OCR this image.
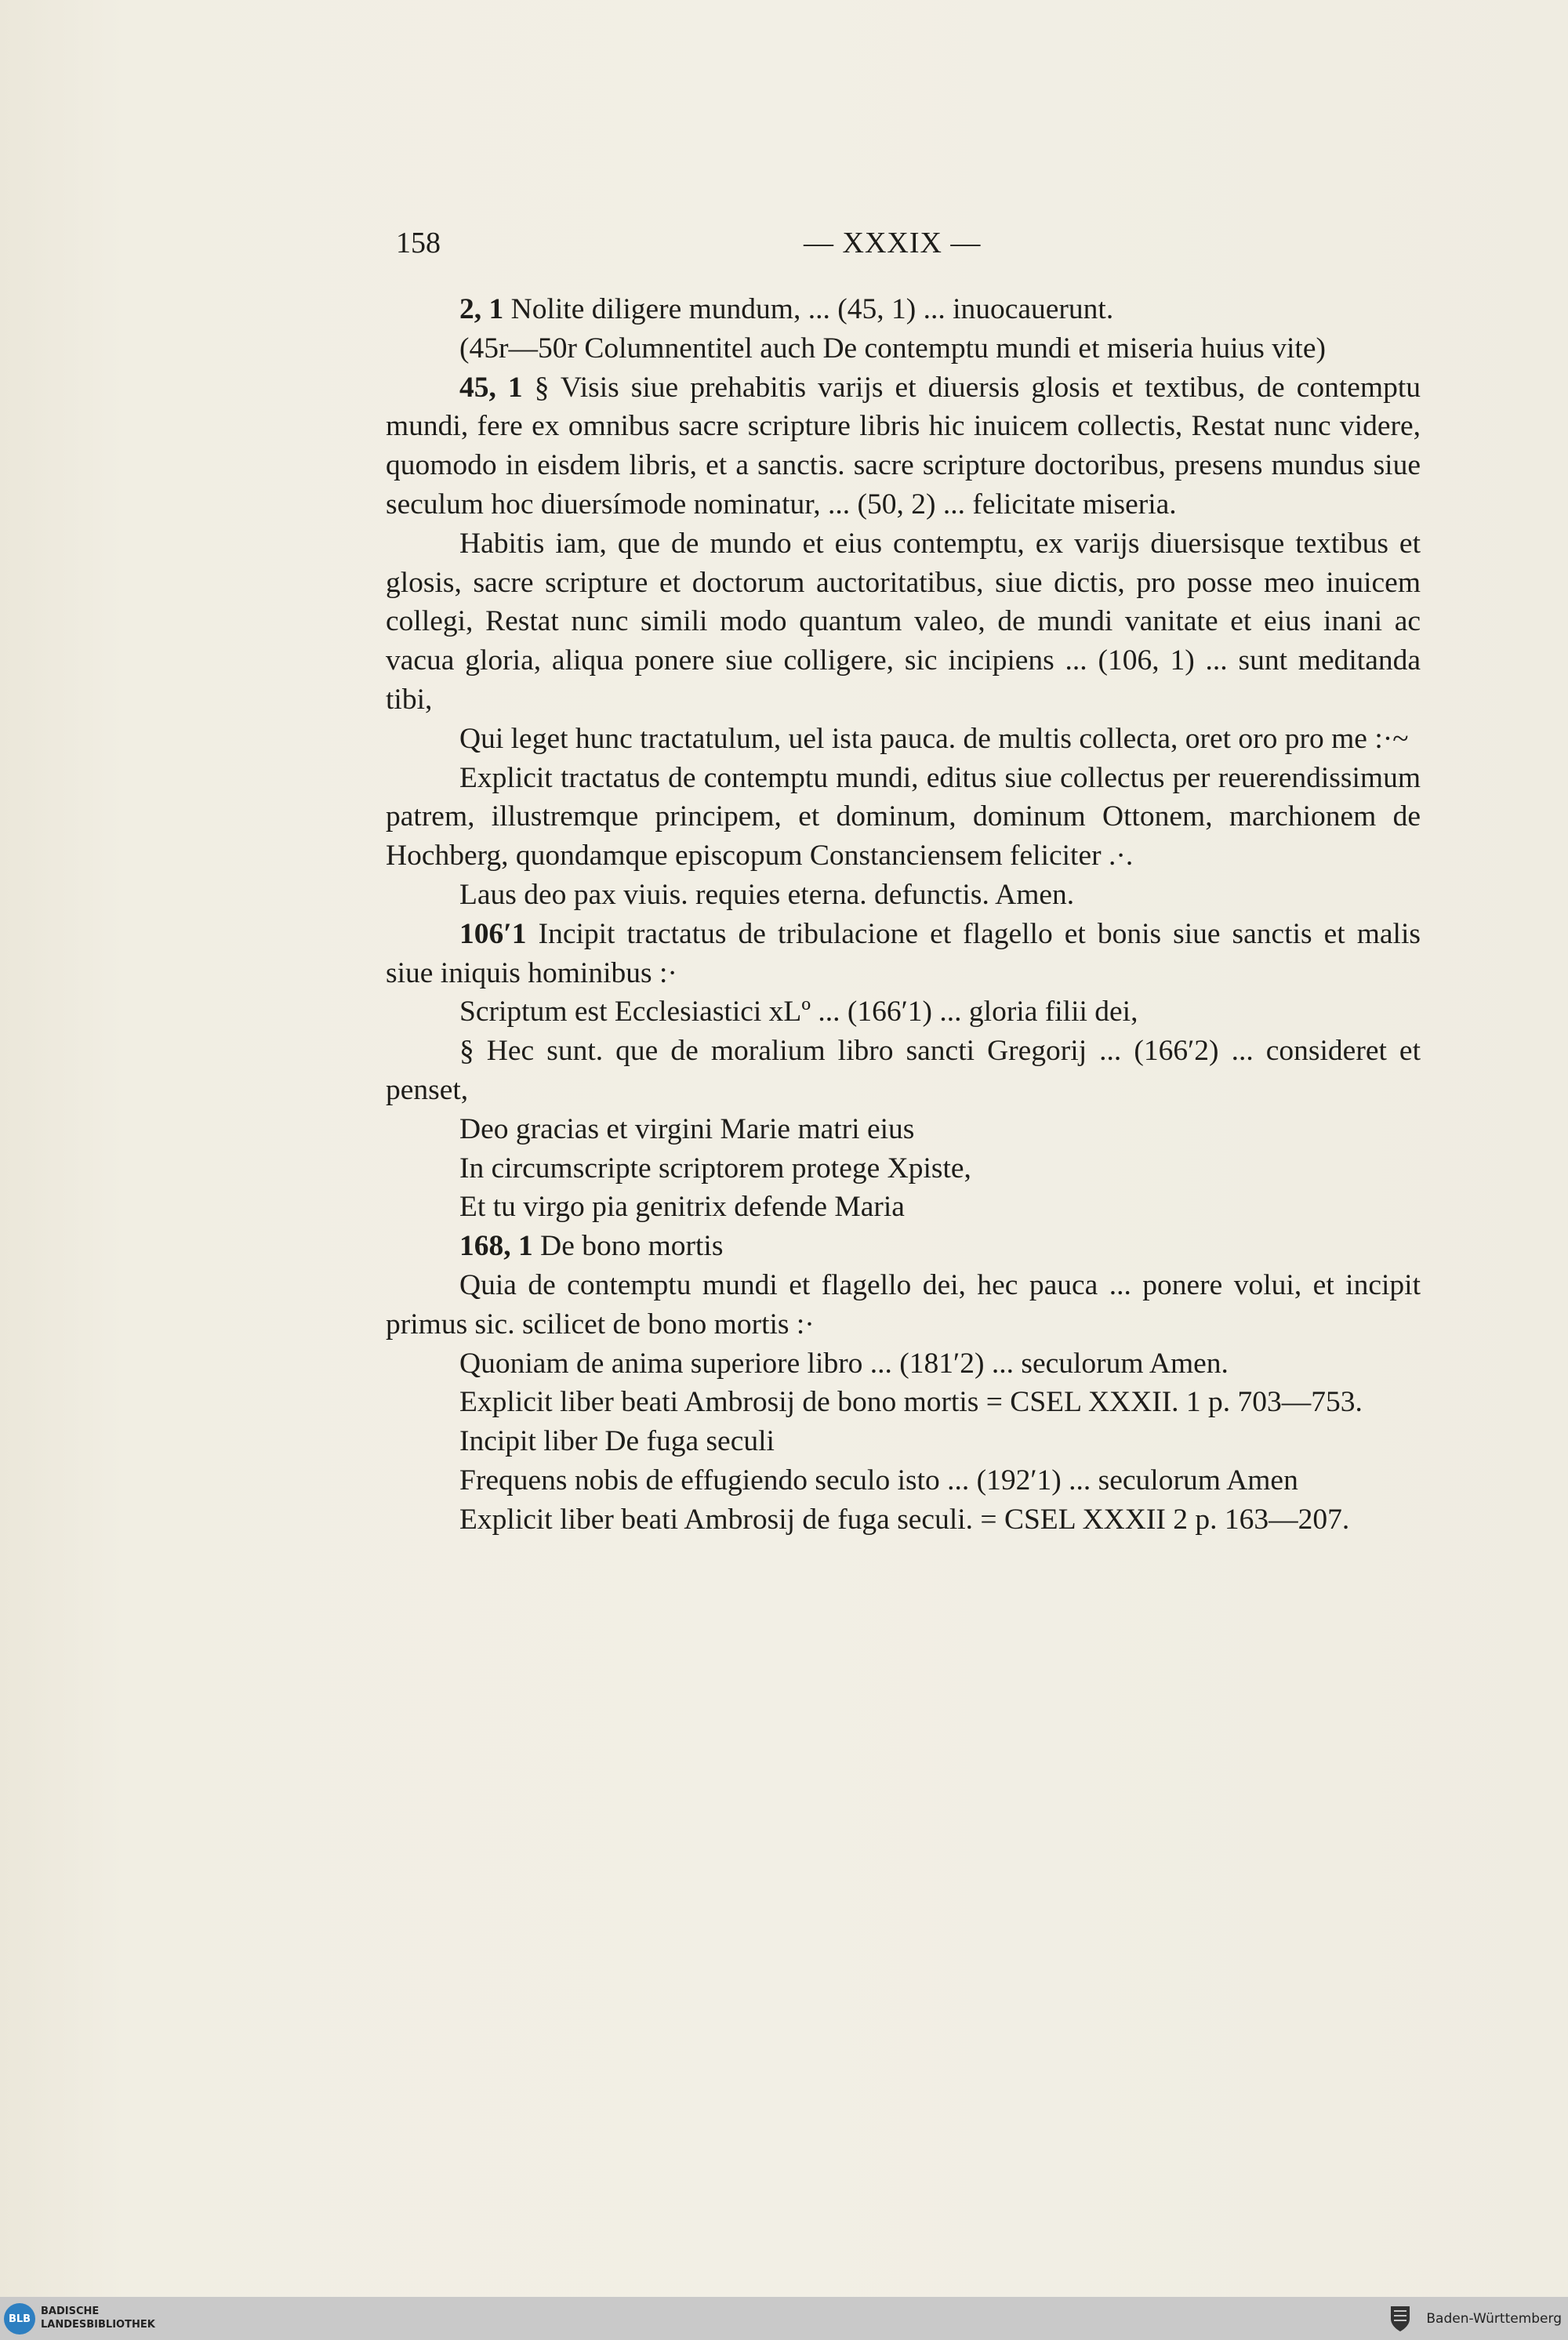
158	— XXXIX —

2, 1 Nolite diligere mundum, ... (45, 1) ... inuocauerunt.

(45r—50r Columnentitel auch De contemptu mundi et miseria huius vite)

45, 1 § Visis siue prehabitis varijs et diuersis glosis et textibus, de contemptu mundi, fere ex omnibus sacre scripture libris hic inuicem collectis, Restat nunc videre, quomodo in eisdem libris, et a sanctis. sacre scripture doctoribus, presens mundus siue seculum hoc diuersímode nominatur, ... (50, 2) ... felicitate miseria.

Habitis iam, que de mundo et eius contemptu, ex varijs diuersisque textibus et glosis, sacre scripture et doctorum auctoritatibus, siue dictis, pro posse meo inuicem collegi, Restat nunc simili modo quantum valeo, de mundi vanitate et eius inani ac vacua gloria, aliqua ponere siue colligere, sic incipiens ... (106, 1) ... sunt meditanda tibi,

Qui leget hunc tractatulum, uel ista pauca. de multis collecta, oret oro pro me :·~

Explicit tractatus de contemptu mundi, editus siue collectus per reuerendissimum patrem, illustremque principem, et dominum, dominum Ottonem, marchionem de Hochberg, quondamque episcopum Constanciensem feliciter .·.

Laus deo pax viuis. requies eterna. defunctis. Amen.

106′1 Incipit tractatus de tribulacione et flagello et bonis siue sanctis et malis siue iniquis hominibus :·

Scriptum est Ecclesiastici xLº ... (166′1) ... gloria filii dei,

§ Hec sunt. que de moralium libro sancti Gregorij ... (166′2) ... consideret et penset,

Deo gracias et virgini Marie matri eius

In circumscripte scriptorem protege Xpiste,

Et tu virgo pia genitrix defende Maria

168, 1 De bono mortis

Quia de contemptu mundi et flagello dei, hec pauca ... ponere volui, et incipit primus sic. scilicet de bono mortis :·

Quoniam de anima superiore libro ... (181′2) ... seculorum Amen.

Explicit liber beati Ambrosij de bono mortis = CSEL XXXII. 1 p. 703—753.

Incipit liber De fuga seculi

Frequens nobis de effugiendo seculo isto ... (192′1) ... seculorum Amen

Explicit liber beati Ambrosij de fuga seculi. = CSEL XXXII 2 p. 163—207.

BLB
BADISCHE
LANDESBIBLIOTHEK	Baden-Württemberg
